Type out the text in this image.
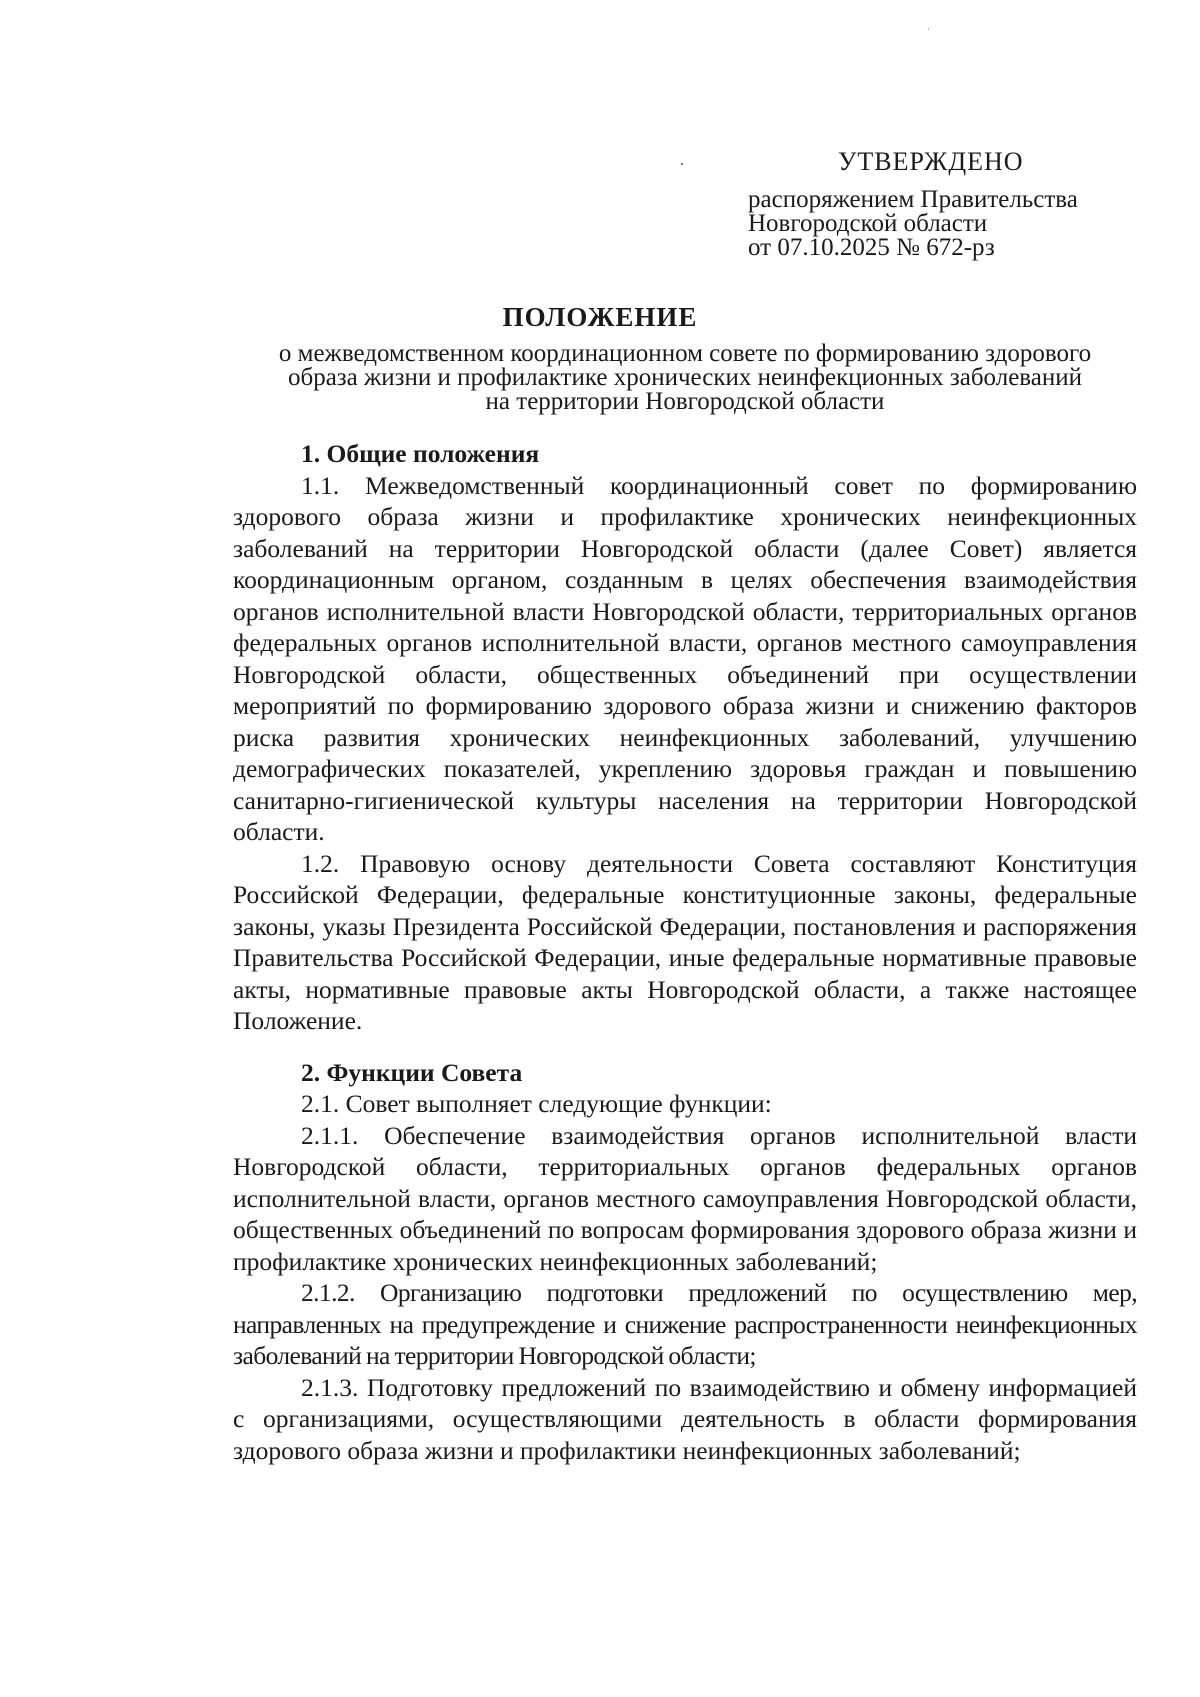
УТВЕРЖДЕНО
распоряжением Правительства
Новгородской области
от 07.10.2025 № 672-рз
ПОЛОЖЕНИЕ
о межведомственном координационном совете по формированию здорового
образа жизни и профилактике хронических неинфекционных заболеваний
на территории Новгородской области

1. Общие положения

1.1. Межведомственный координационный совет по формированию здорового образа жизни и профилактике хронических неинфекционных заболеваний на территории Новгородской области (далее Совет) является координационным органом, созданным в целях обеспечения взаимодействия органов исполнительной власти Новгородской области, территориальных органов федеральных органов исполнительной власти, органов местного самоуправления Новгородской области, общественных объединений при осуществлении мероприятий по формированию здорового образа жизни и снижению факторов риска развития хронических неинфекционных заболеваний, улучшению демографических показателей, укреплению здоровья граждан и повышению санитарно-гигиенической культуры населения на территории Новгородской области.

1.2. Правовую основу деятельности Совета составляют Конституция Российской Федерации, федеральные конституционные законы, федеральные законы, указы Президента Российской Федерации, постановления и распоряжения Правительства Российской Федерации, иные федеральные нормативные правовые акты, нормативные правовые акты Новгородской области, а также настоящее Положение.

2. Функции Совета

2.1. Совет выполняет следующие функции:

2.1.1. Обеспечение взаимодействия органов исполнительной власти Новгородской области, территориальных органов федеральных органов исполнительной власти, органов местного самоуправления Новгородской области, общественных объединений по вопросам формирования здорового образа жизни и профилактике хронических неинфекционных заболеваний;

2.1.2. Организацию подготовки предложений по осуществлению мер, направленных на предупреждение и снижение распространенности неинфекционных заболеваний на территории Новгородской области;

2.1.3. Подготовку предложений по взаимодействию и обмену информацией с организациями, осуществляющими деятельность в области формирования здорового образа жизни и профилактики неинфекционных заболеваний;
